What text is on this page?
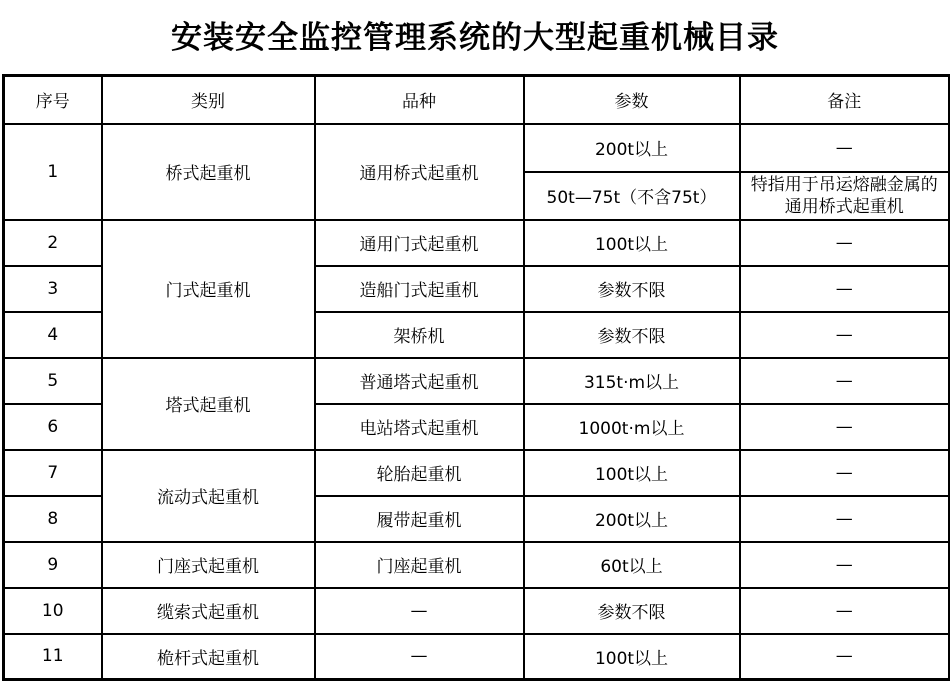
安装安全监控管理系统的大型起重机械目录
序号	类别	品种	参数	备注
1	桥式起重机	通用桥式起重机	200t以上	—
			50t—75t（不含75t）	特指用于吊运熔融金属的通用桥式起重机
2	门式起重机	通用门式起重机	100t以上	—
3		造船门式起重机	参数不限	—
4		架桥机	参数不限	—
5	塔式起重机	普通塔式起重机	315t·m以上	—
6		电站塔式起重机	1000t·m以上	—
7	流动式起重机	轮胎起重机	100t以上	—
8		履带起重机	200t以上	—
9	门座式起重机	门座起重机	60t以上	—
10	缆索式起重机	—	参数不限	—
11	桅杆式起重机	—	100t以上	—
